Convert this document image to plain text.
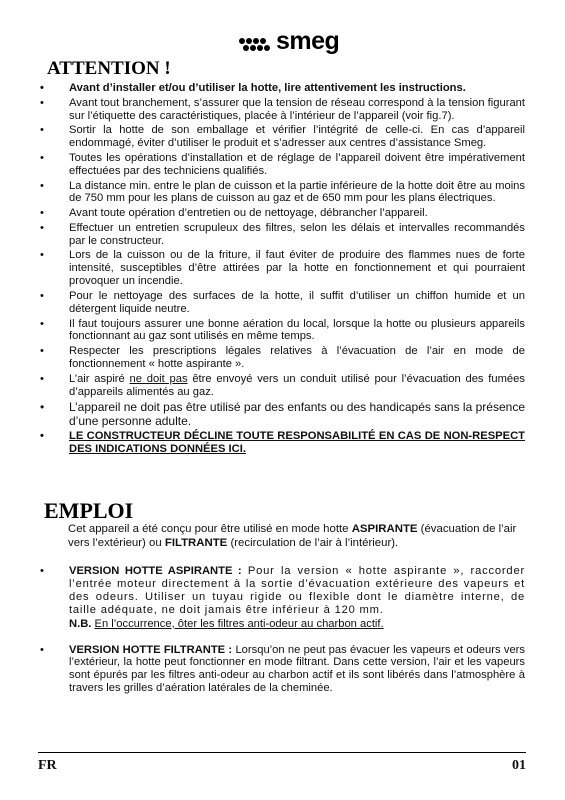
smeg
ATTENTION !
• Avant d’installer et/ou d’utiliser la hotte, lire attentivement les instructions.
• Avant tout branchement, s’assurer que la tension de réseau correspond à la tension figurant sur l’étiquette des caractéristiques, placée à l’intérieur de l’appareil (voir fig.7).
• Sortir la hotte de son emballage et vérifier l’intégrité de celle-ci. En cas d’appareil endommagé, éviter d’utiliser le produit et s’adresser aux centres d’assistance Smeg.
• Toutes les opérations d’installation et de réglage de l’appareil doivent être impérativement effectuées par des techniciens qualifiés.
• La distance min. entre le plan de cuisson et la partie inférieure de la hotte doit être au moins de 750 mm pour les plans de cuisson au gaz et de 650 mm pour les plans électriques.
• Avant toute opération d’entretien ou de nettoyage, débrancher l’appareil.
• Effectuer un entretien scrupuleux des filtres, selon les délais et intervalles recommandés par le constructeur.
• Lors de la cuisson ou de la friture, il faut éviter de produire des flammes nues de forte intensité, susceptibles d’être attirées par la hotte en fonctionnement et qui pourraient provoquer un incendie.
• Pour le nettoyage des surfaces de la hotte, il suffit d’utiliser un chiffon humide et un détergent liquide neutre.
• Il faut toujours assurer une bonne aération du local, lorsque la hotte ou plusieurs appareils fonctionnant au gaz sont utilisés en même temps.
• Respecter les prescriptions légales relatives à l’évacuation de l’air en mode de fonctionnement « hotte aspirante ».
• L’air aspiré ne doit pas être envoyé vers un conduit utilisé pour l’évacuation des fumées d’appareils alimentés au gaz.
• L’appareil ne doit pas être utilisé par des enfants ou des handicapés sans la présence d’une personne adulte.
• LE CONSTRUCTEUR DÉCLINE TOUTE RESPONSABILITÉ EN CAS DE NON-RESPECT DES INDICATIONS DONNÉES ICI.
EMPLOI
Cet appareil a été conçu pour être utilisé en mode hotte ASPIRANTE (évacuation de l’air vers l’extérieur) ou FILTRANTE (recirculation de l’air à l’intérieur).
• VERSION HOTTE ASPIRANTE : Pour la version « hotte aspirante », raccorder l’entrée moteur directement à la sortie d’évacuation extérieure des vapeurs et des odeurs. Utiliser un tuyau rigide ou flexible dont le diamètre interne, de taille adéquate, ne doit jamais être inférieur à 120 mm.
N.B. En l’occurrence, ôter les filtres anti-odeur au charbon actif.
• VERSION HOTTE FILTRANTE : Lorsqu’on ne peut pas évacuer les vapeurs et odeurs vers l’extérieur, la hotte peut fonctionner en mode filtrant. Dans cette version, l’air et les vapeurs sont épurés par les filtres anti-odeur au charbon actif et ils sont libérés dans l’atmosphère à travers les grilles d’aération latérales de la cheminée.
FR	01
